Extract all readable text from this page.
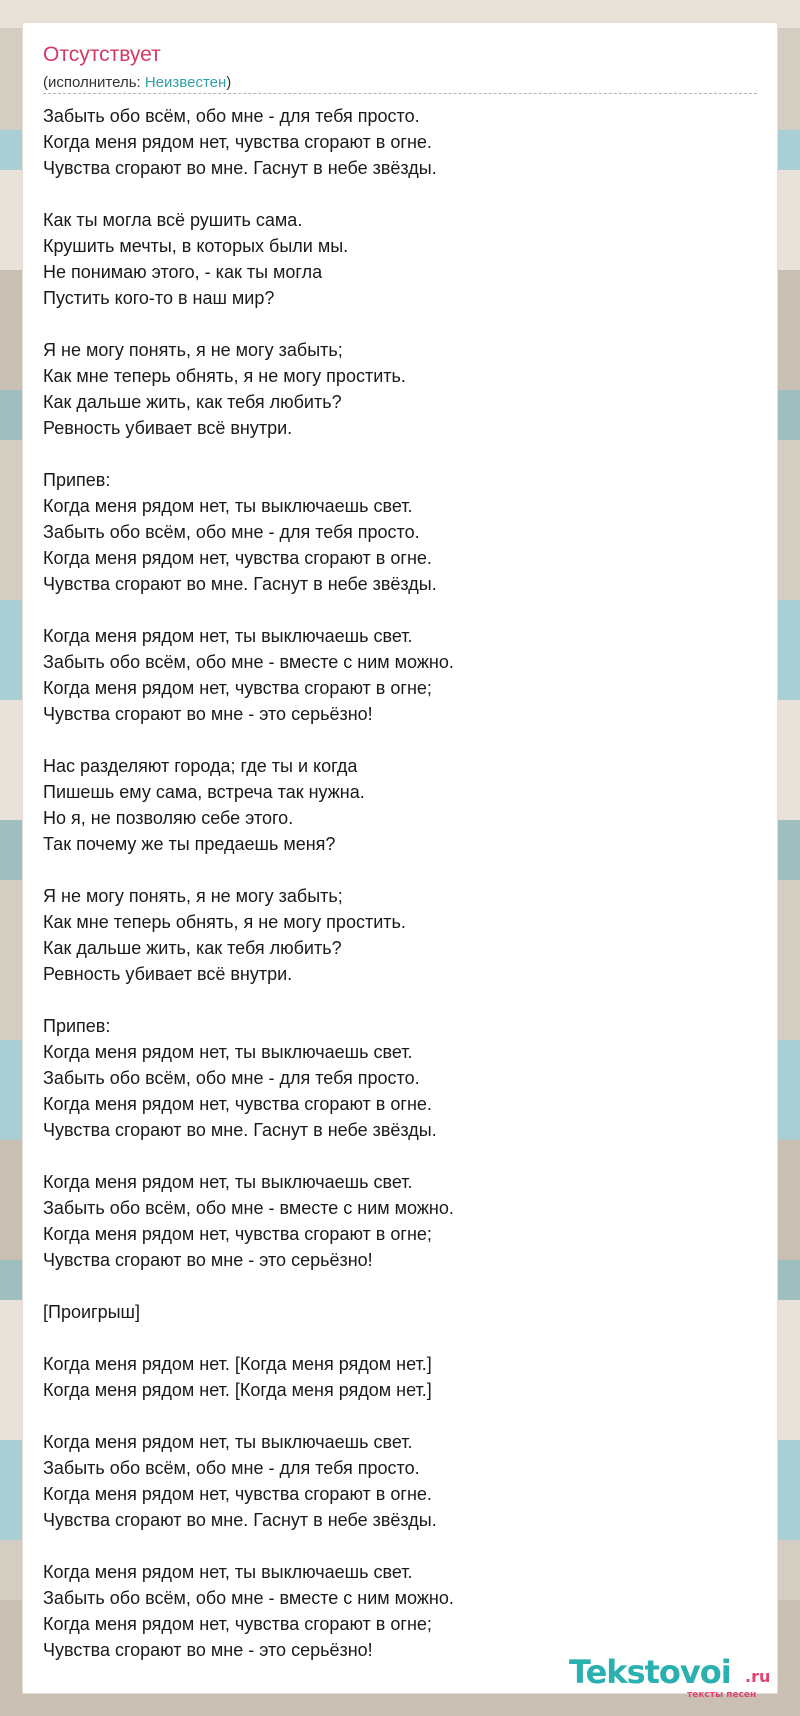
Отсутствует
(исполнитель: Неизвестен)
Забыть обо всём, обо мне - для тебя просто.
Когда меня рядом нет, чувства сгорают в огне.
Чувства сгорают во мне. Гаснут в небе звёзды.
Как ты могла всё рушить сама.
Крушить мечты, в которых были мы.
Не понимаю этого, - как ты могла
Пустить кого-то в наш мир?
Я не могу понять, я не могу забыть;
Как мне теперь обнять, я не могу простить.
Как дальше жить, как тебя любить?
Ревность убивает всё внутри.
Припев:
Когда меня рядом нет, ты выключаешь свет.
Забыть обо всём, обо мне - для тебя просто.
Когда меня рядом нет, чувства сгорают в огне.
Чувства сгорают во мне. Гаснут в небе звёзды.
Когда меня рядом нет, ты выключаешь свет.
Забыть обо всём, обо мне - вместе с ним можно.
Когда меня рядом нет, чувства сгорают в огне;
Чувства сгорают во мне - это серьёзно!
Нас разделяют города; где ты и когда
Пишешь ему сама, встреча так нужна.
Но я, не позволяю себе этого.
Так почему же ты предаешь меня?
Я не могу понять, я не могу забыть;
Как мне теперь обнять, я не могу простить.
Как дальше жить, как тебя любить?
Ревность убивает всё внутри.
Припев:
Когда меня рядом нет, ты выключаешь свет.
Забыть обо всём, обо мне - для тебя просто.
Когда меня рядом нет, чувства сгорают в огне.
Чувства сгорают во мне. Гаснут в небе звёзды.
Когда меня рядом нет, ты выключаешь свет.
Забыть обо всём, обо мне - вместе с ним можно.
Когда меня рядом нет, чувства сгорают в огне;
Чувства сгорают во мне - это серьёзно!
[Проигрыш]
Когда меня рядом нет. [Когда меня рядом нет.]
Когда меня рядом нет. [Когда меня рядом нет.]
Когда меня рядом нет, ты выключаешь свет.
Забыть обо всём, обо мне - для тебя просто.
Когда меня рядом нет, чувства сгорают в огне.
Чувства сгорают во мне. Гаснут в небе звёзды.
Когда меня рядом нет, ты выключаешь свет.
Забыть обо всём, обо мне - вместе с ним можно.
Когда меня рядом нет, чувства сгорают в огне;
Чувства сгорают во мне - это серьёзно!
Tekstovoi .ru
тексты песен
